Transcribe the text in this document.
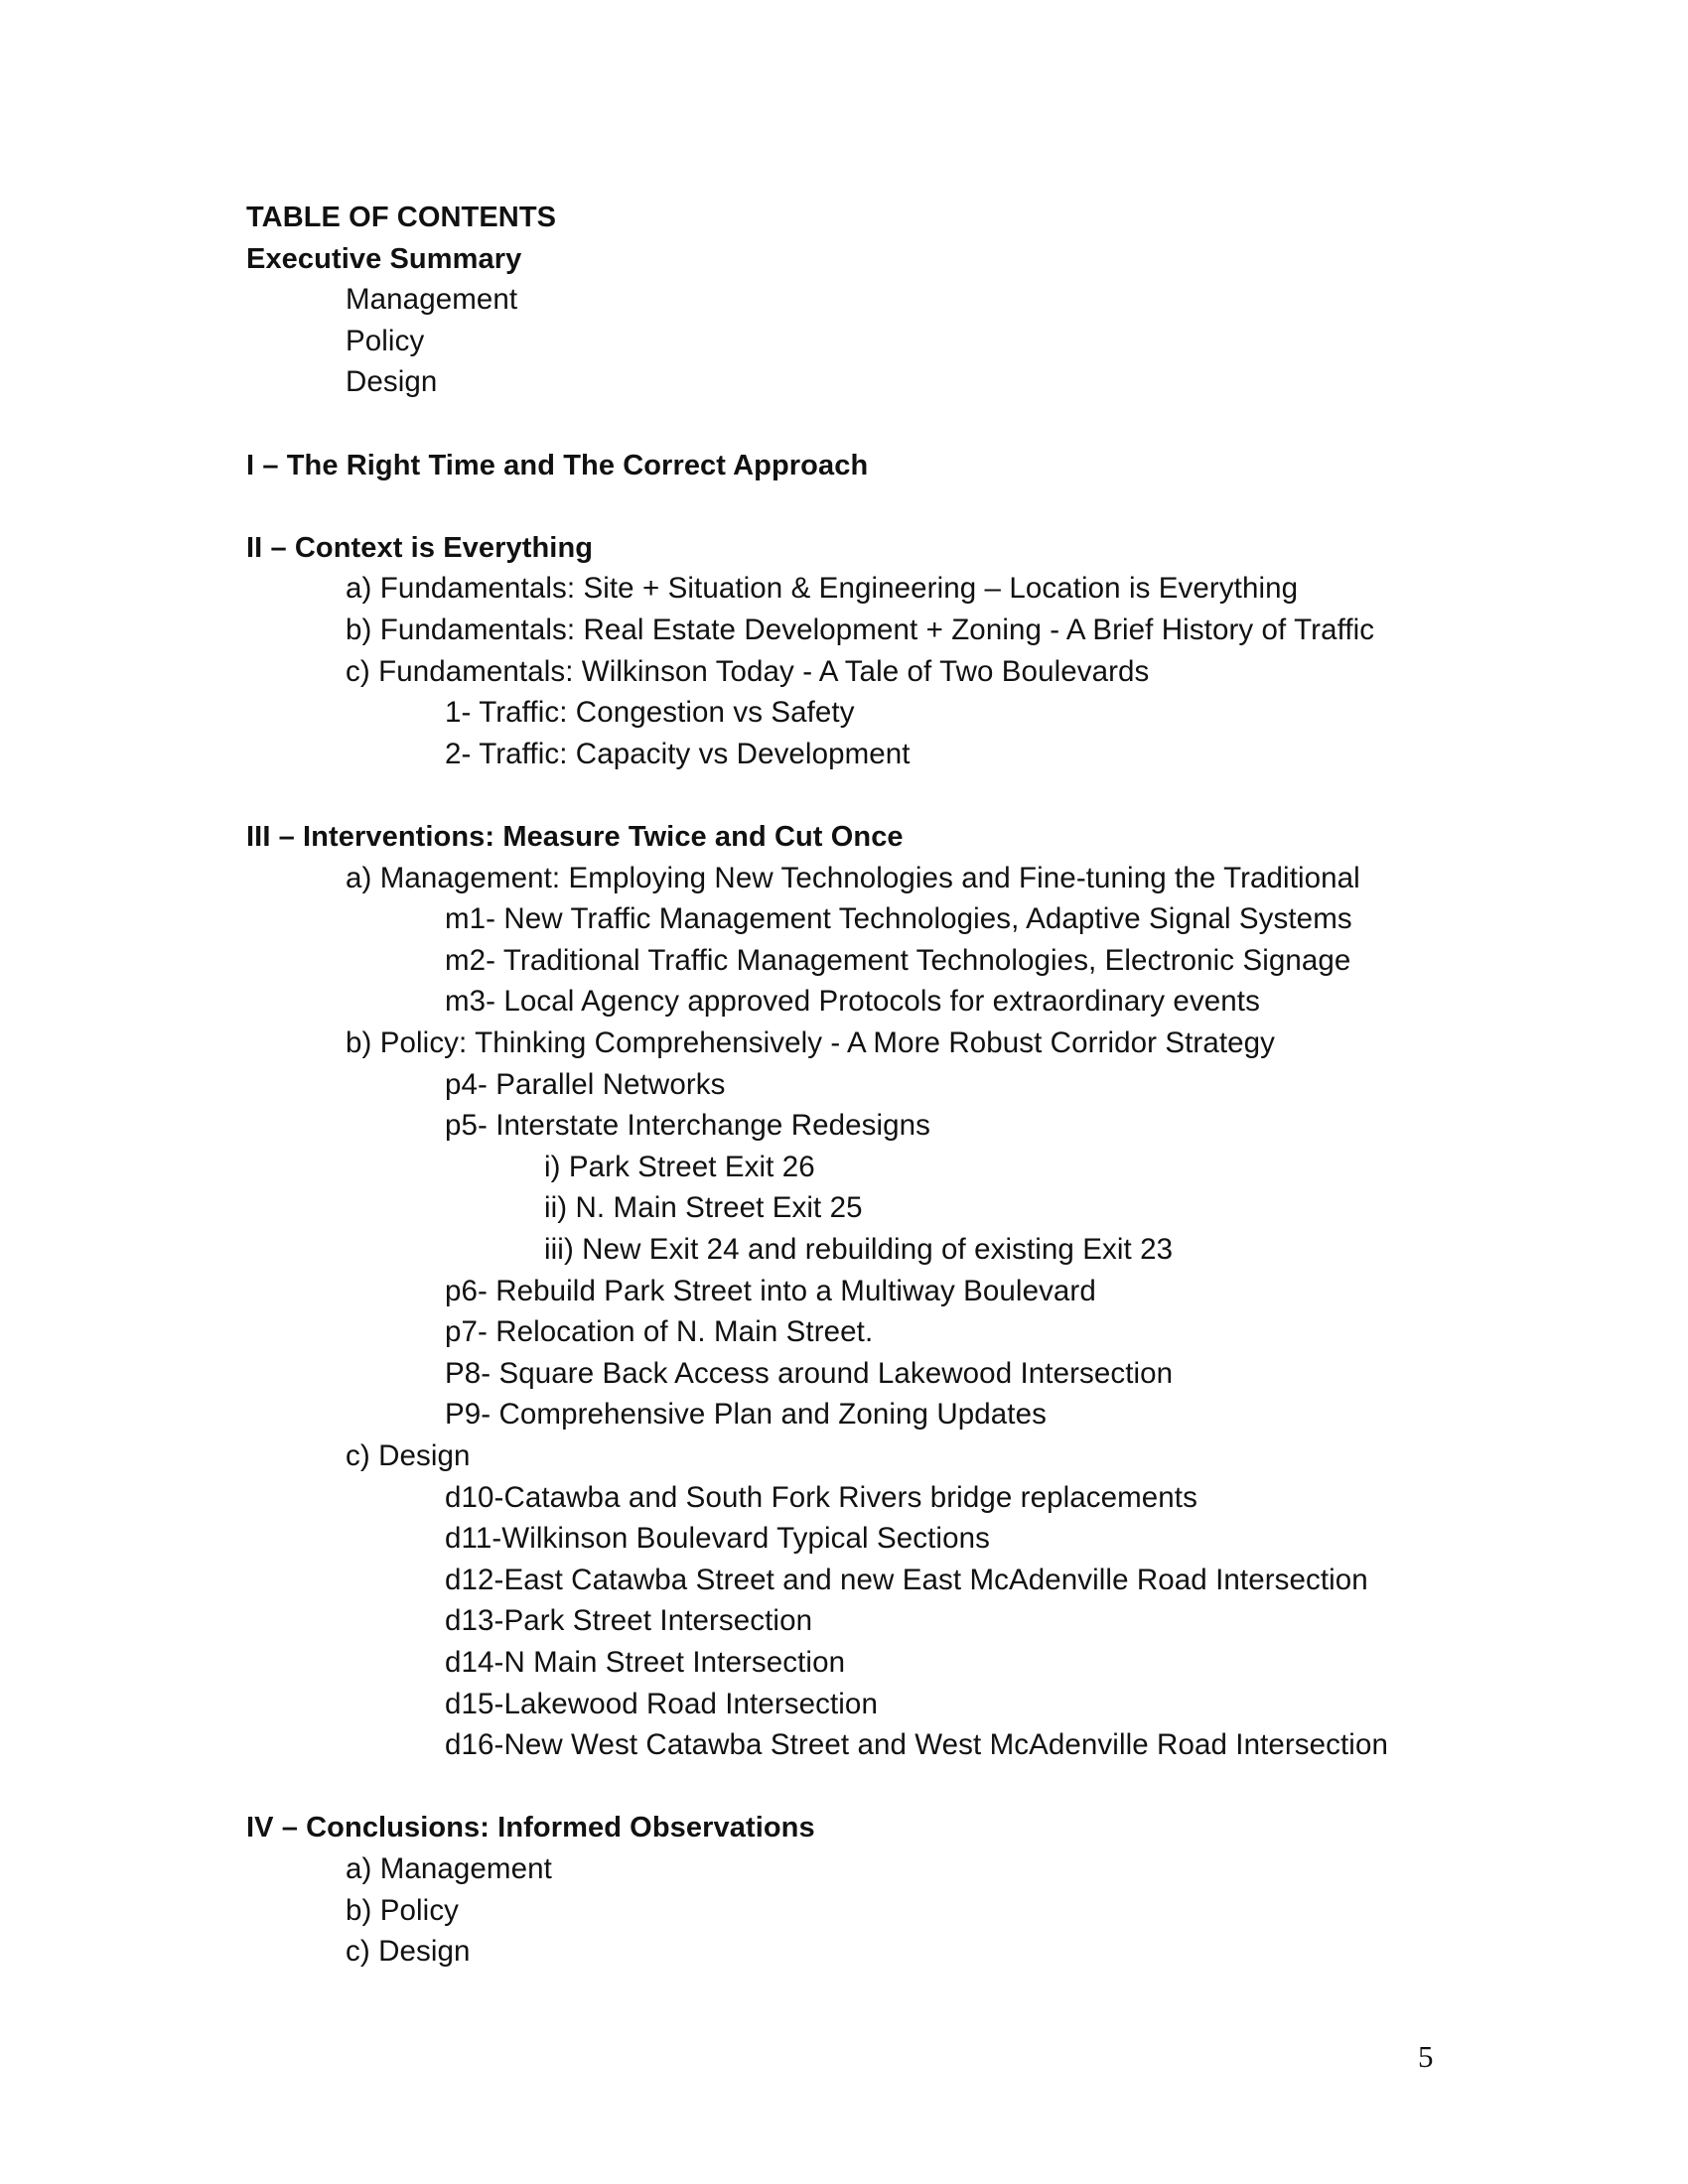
TABLE OF CONTENTS
Executive Summary
Management
Policy
Design
I – The Right Time and The Correct Approach
II – Context is Everything
a) Fundamentals: Site + Situation & Engineering – Location is Everything
b) Fundamentals: Real Estate Development + Zoning - A Brief History of Traffic
c) Fundamentals: Wilkinson Today - A Tale of Two Boulevards
1- Traffic: Congestion vs Safety
2- Traffic: Capacity vs Development
III – Interventions: Measure Twice and Cut Once
a) Management: Employing New Technologies and Fine-tuning the Traditional
m1- New Traffic Management Technologies, Adaptive Signal Systems
m2- Traditional Traffic Management Technologies, Electronic Signage
m3- Local Agency approved Protocols for extraordinary events
b) Policy: Thinking Comprehensively - A More Robust Corridor Strategy
p4- Parallel Networks
p5- Interstate Interchange Redesigns
i) Park Street Exit 26
ii) N. Main Street Exit 25
iii) New Exit 24 and rebuilding of existing Exit 23
p6- Rebuild Park Street into a Multiway Boulevard
p7- Relocation of N. Main Street.
P8- Square Back Access around Lakewood Intersection
P9- Comprehensive Plan and Zoning Updates
c) Design
d10-Catawba and South Fork Rivers bridge replacements
d11-Wilkinson Boulevard Typical Sections
d12-East Catawba Street and new East McAdenville Road Intersection
d13-Park Street Intersection
d14-N Main Street Intersection
d15-Lakewood Road Intersection
d16-New West Catawba Street and West McAdenville Road Intersection
IV – Conclusions: Informed Observations
a) Management
b) Policy
c) Design
5
